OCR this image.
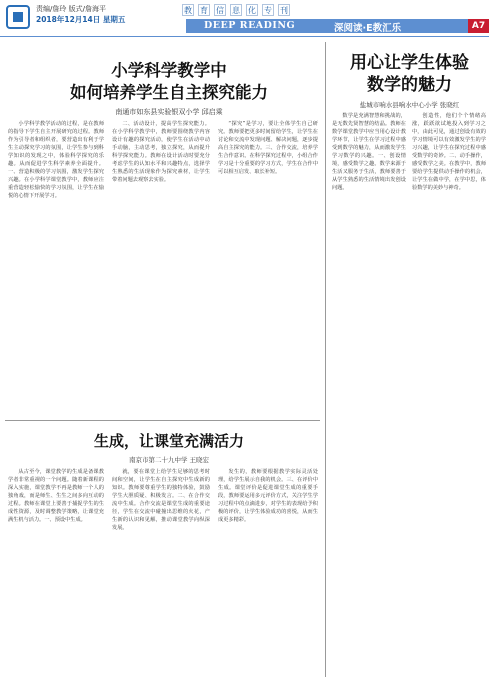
责编/詹玲 版式/詹海平
2018年12月14日 星期五
教 育 信 息 化 专 刊
DEEP READING	深阅读·E教汇乐	A7
小学科学教学中
如何培养学生自主探究能力
南通市如东县实验银双小学 邱启乘

小学科学教学活动的过程，是在教师的指导下学生自主开展研究的过程。教师作为引导者和组织者，要营造出有利于学生主动探究学习的氛围，让学生参与到科学知识的发现之中，体验科学探究的乐趣。从而促进学生科学素养全面提升。一、营造积极的学习氛围，激发学生探究兴趣。在小学科学课堂教学中，教师应注重营造轻松愉快的学习氛围，让学生在愉悦的心情下开展学习。

二、活动设计，提高学生探究能力。在小学科学教学中，教师要围绕教学内容设计有趣的探究活动，使学生在活动中动手动脑，主动思考，独立探究，从而提升科学探究能力。教师在设计活动时要充分考虑学生的认知水平和兴趣特点，选择学生熟悉的生活现象作为探究素材，让学生带着问题去观察去实验。

“探究”是学习，要让全体学生自己研究。教师要把更多时间留给学生，让学生在讨论和交流中发现问题、解决问题，逐步提高自主探究的能力。三、合作交流，培养学生合作意识。在科学探究过程中，小组合作学习是十分重要的学习方式，学生在合作中可以相互启发、取长补短。

生成，让课堂充满活力
南京市第二十九中学 王晓宏

从古至今，课堂教学的生成是备课教学者非常重视的一个问题。随着新课程的深入实施，课堂教学不再是教师一个人的独角戏，而是师生、生生之间多向互动的过程。教师在课堂上要善于捕捉学生的生成性资源，及时调整教学策略，让课堂充满生机与活力。一、预设中生成。

就，要在课堂上给学生足够的思考时间和空间，让学生在自主探究中生成新的知识。教师要尊重学生的独特体验，鼓励学生大胆质疑、积极发言。二、在合作交流中生成。合作交流是课堂生成的重要途径，学生在交流中碰撞出思维的火花，产生新的认识和见解，推动课堂教学向纵深发展。

发生的，教师要根据教学实际灵活处理，给学生展示自我的机会。三、在评价中生成。课堂评价是促进课堂生成的重要手段，教师要运用多元评价方式，关注学生学习过程中的点滴进步，对学生的表现给予积极的评价，让学生体验成功的喜悦，从而生成更多精彩。

用心让学生体验
数学的魅力
盐城市响水县响水中心小学 张晓红

数学是充满智慧和挑战的，是无数先贤智慧的结晶。教师在数学课堂教学中应当用心设计教学环节，让学生在学习过程中感受到数学的魅力，从而激发学生学习数学的兴趣。一、创设情境，感受数学之趣。数学来源于生活又服务于生活，教师要善于从学生熟悉的生活情境出发创设问题。

创造性，他们个个情绪高涨，跃跃欲试地投入到学习之中，由此可见，通过创设有效的学习情境可以有效激发学生的学习兴趣，让学生在探究过程中感受数学的奇妙。二、动手操作，感受数学之美。在教学中，教师要给学生提供动手操作的机会，让学生在做中学，在学中思，体验数学的美妙与神奇。
